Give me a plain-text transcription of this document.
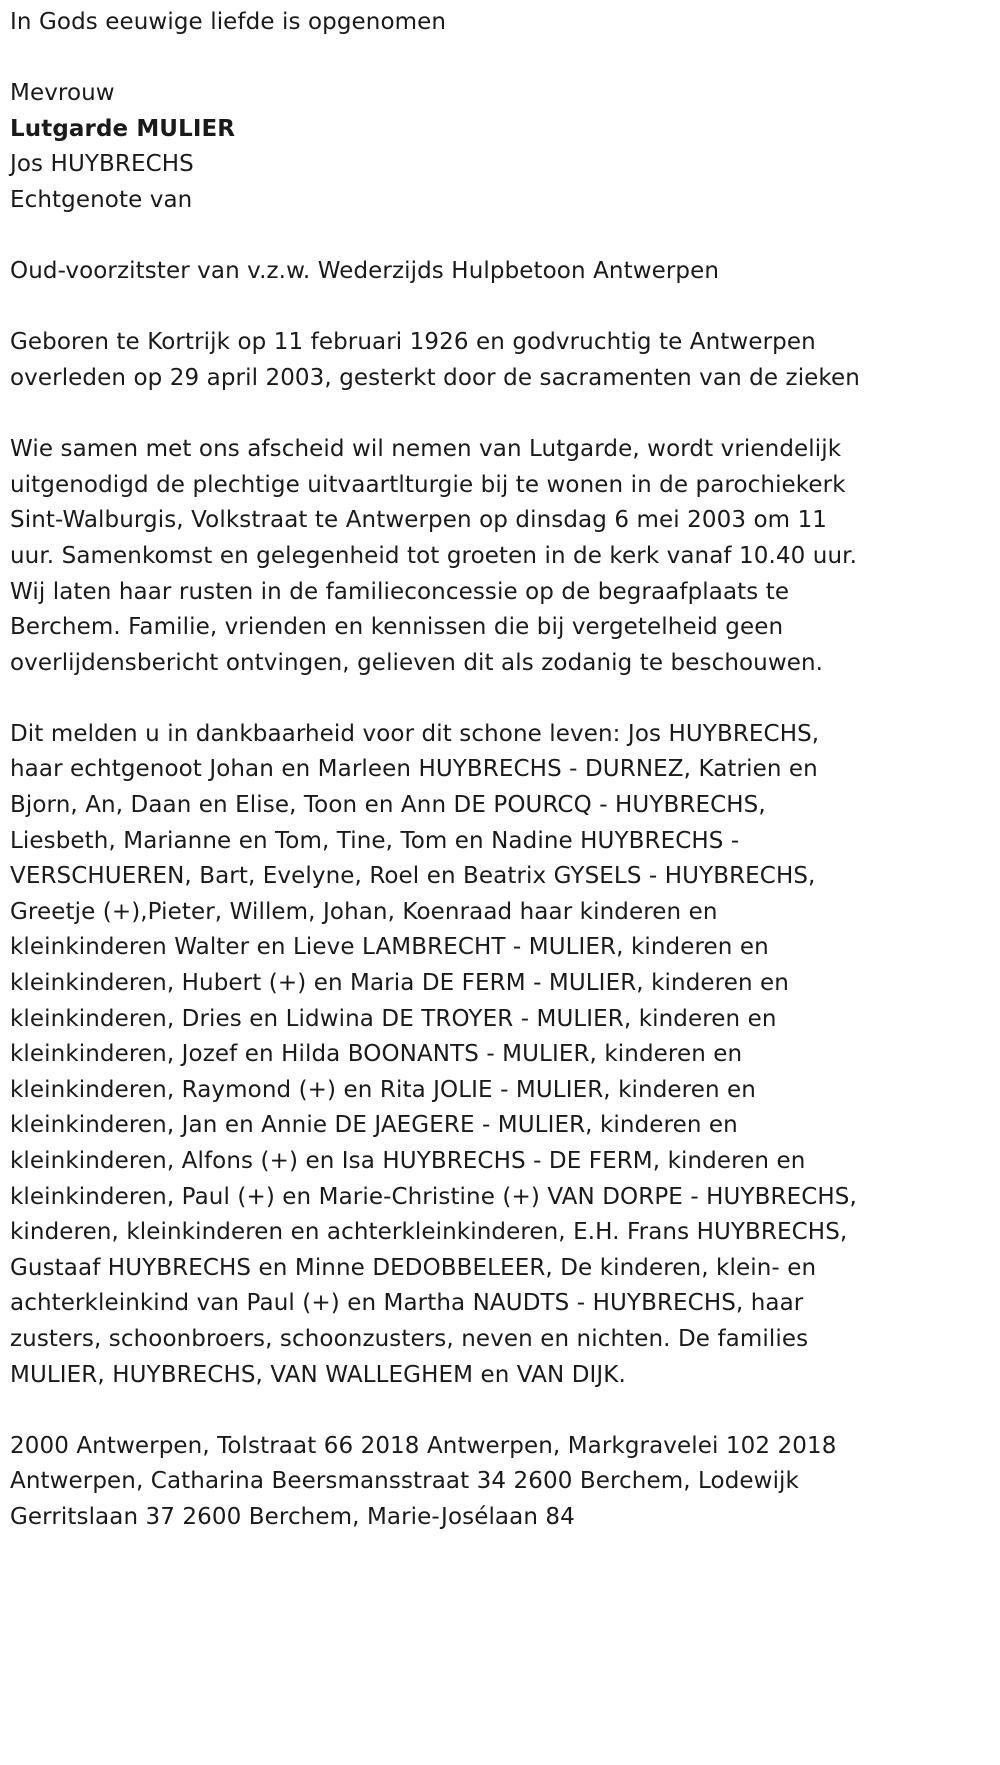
In Gods eeuwige liefde is opgenomen
Mevrouw
Lutgarde MULIER
Jos HUYBRECHS
Echtgenote van
Oud-voorzitster van v.z.w. Wederzijds Hulpbetoon Antwerpen
Geboren te Kortrijk op 11 februari 1926 en godvruchtig te Antwerpen
overleden op 29 april 2003, gesterkt door de sacramenten van de zieken
Wie samen met ons afscheid wil nemen van Lutgarde, wordt vriendelijk
uitgenodigd de plechtige uitvaartlturgie bij te wonen in de parochiekerk
Sint-Walburgis, Volkstraat te Antwerpen op dinsdag 6 mei 2003 om 11
uur. Samenkomst en gelegenheid tot groeten in de kerk vanaf 10.40 uur.
Wij laten haar rusten in de familieconcessie op de begraafplaats te
Berchem. Familie, vrienden en kennissen die bij vergetelheid geen
overlijdensbericht ontvingen, gelieven dit als zodanig te beschouwen.
Dit melden u in dankbaarheid voor dit schone leven: Jos HUYBRECHS,
haar echtgenoot Johan en Marleen HUYBRECHS - DURNEZ, Katrien en
Bjorn, An, Daan en Elise, Toon en Ann DE POURCQ - HUYBRECHS,
Liesbeth, Marianne en Tom, Tine, Tom en Nadine HUYBRECHS -
VERSCHUEREN, Bart, Evelyne, Roel en Beatrix GYSELS - HUYBRECHS,
Greetje (+),Pieter, Willem, Johan, Koenraad haar kinderen en
kleinkinderen Walter en Lieve LAMBRECHT - MULIER, kinderen en
kleinkinderen, Hubert (+) en Maria DE FERM - MULIER, kinderen en
kleinkinderen, Dries en Lidwina DE TROYER - MULIER, kinderen en
kleinkinderen, Jozef en Hilda BOONANTS - MULIER, kinderen en
kleinkinderen, Raymond (+) en Rita JOLIE - MULIER, kinderen en
kleinkinderen, Jan en Annie DE JAEGERE - MULIER, kinderen en
kleinkinderen, Alfons (+) en Isa HUYBRECHS - DE FERM, kinderen en
kleinkinderen, Paul (+) en Marie-Christine (+) VAN DORPE - HUYBRECHS,
kinderen, kleinkinderen en achterkleinkinderen, E.H. Frans HUYBRECHS,
Gustaaf HUYBRECHS en Minne DEDOBBELEER, De kinderen, klein- en
achterkleinkind van Paul (+) en Martha NAUDTS - HUYBRECHS, haar
zusters, schoonbroers, schoonzusters, neven en nichten. De families
MULIER, HUYBRECHS, VAN WALLEGHEM en VAN DIJK.
2000 Antwerpen, Tolstraat 66 2018 Antwerpen, Markgravelei 102 2018
Antwerpen, Catharina Beersmansstraat 34 2600 Berchem, Lodewijk
Gerritslaan 37 2600 Berchem, Marie-Josélaan 84
